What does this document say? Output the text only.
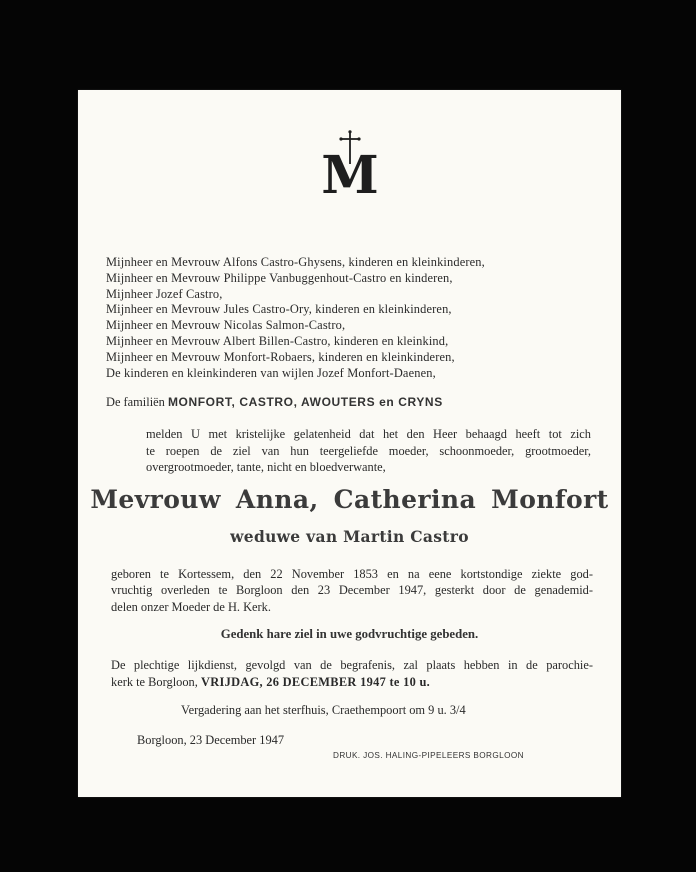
M
Mijnheer en Mevrouw Alfons Castro-Ghysens, kinderen en kleinkinderen,
Mijnheer en Mevrouw Philippe Vanbuggenhout-Castro en kinderen,
Mijnheer Jozef Castro,
Mijnheer en Mevrouw Jules Castro-Ory, kinderen en kleinkinderen,
Mijnheer en Mevrouw Nicolas Salmon-Castro,
Mijnheer en Mevrouw Albert Billen-Castro, kinderen en kleinkind,
Mijnheer en Mevrouw Monfort-Robaers, kinderen en kleinkinderen,
De kinderen en kleinkinderen van wijlen Jozef Monfort-Daenen,
De familiën MONFORT, CASTRO, AWOUTERS en CRYNS
melden U met kristelijke gelatenheid dat het den Heer behaagd heeft tot zich
te roepen de ziel van hun teergeliefde moeder, schoonmoeder, grootmoeder,
overgrootmoeder, tante, nicht en bloedverwante,
Mevrouw Anna, Catherina Monfort
weduwe van Martin Castro
geboren te Kortessem, den 22 November 1853 en na eene kortstondige ziekte god-
vruchtig overleden te Borgloon den 23 December 1947, gesterkt door de genademid-
delen onzer Moeder de H. Kerk.
Gedenk hare ziel in uwe godvruchtige gebeden.
De plechtige lijkdienst, gevolgd van de begrafenis, zal plaats hebben in de parochie-
kerk te Borgloon, VRIJDAG, 26 DECEMBER 1947 te 10 u.
Vergadering aan het sterfhuis, Craethempoort om 9 u. 3/4
Borgloon, 23 December 1947
DRUK. JOS. HALING-PIPELEERS BORGLOON
